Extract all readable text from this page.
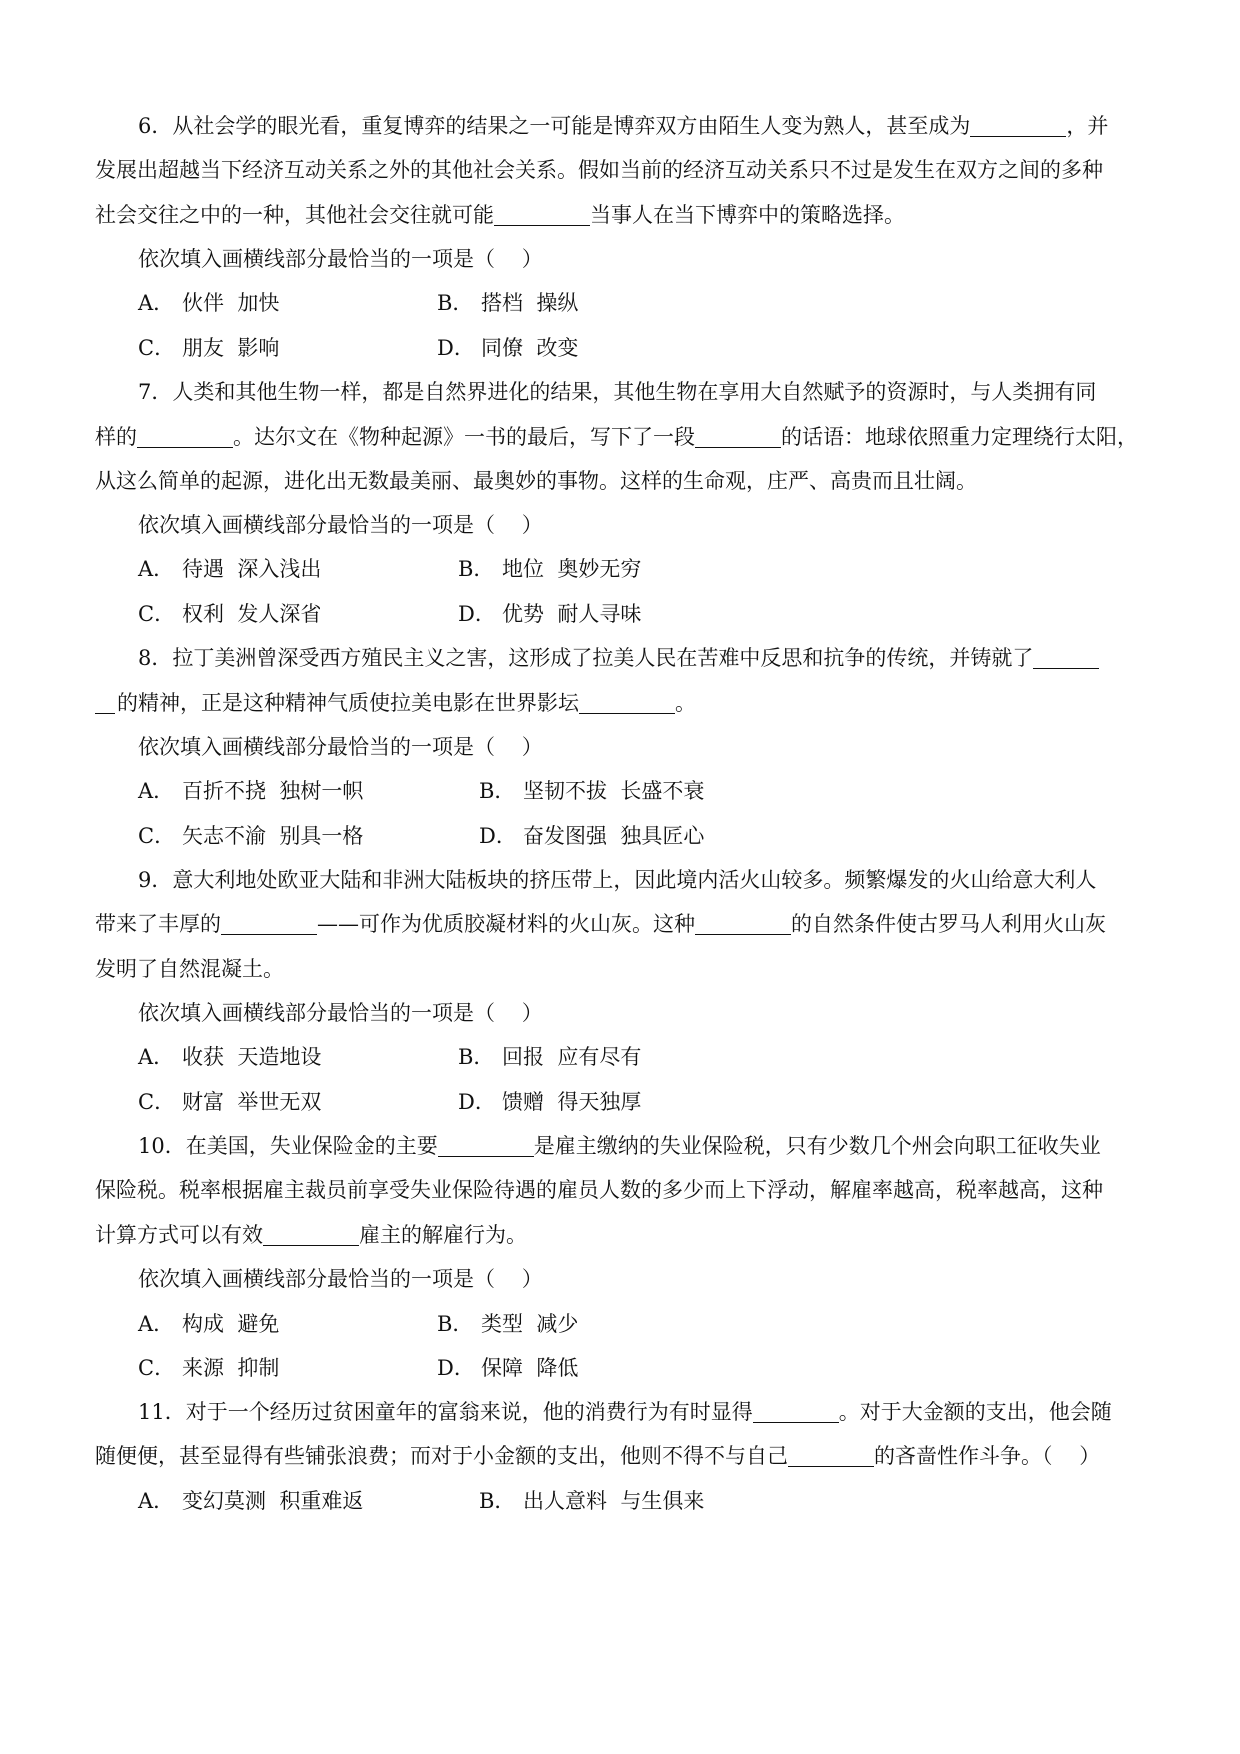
6．从社会学的眼光看，重复博弈的结果之一可能是博弈双方由陌生人变为熟人，甚至成为	，并
发展出超越当下经济互动关系之外的其他社会关系。假如当前的经济互动关系只不过是发生在双方之间的多种
社会交往之中的一种，其他社会交往就可能	当事人在当下博弈中的策略选择。
依次填入画横线部分最恰当的一项是（    ）
A． 伙伴  加快	B． 搭档  操纵
C． 朋友  影响	D． 同僚  改变
7．人类和其他生物一样，都是自然界进化的结果，其他生物在享用大自然赋予的资源时，与人类拥有同
样的	。达尔文在《物种起源》一书的最后，写下了一段	的话语：地球依照重力定理绕行太阳，
从这么简单的起源，进化出无数最美丽、最奥妙的事物。这样的生命观，庄严、高贵而且壮阔。
依次填入画横线部分最恰当的一项是（    ）
A． 待遇  深入浅出	B． 地位  奥妙无穷
C． 权利  发人深省	D． 优势  耐人寻味
8．拉丁美洲曾深受西方殖民主义之害，这形成了拉美人民在苦难中反思和抗争的传统，并铸就了
的精神，正是这种精神气质使拉美电影在世界影坛	。
依次填入画横线部分最恰当的一项是（    ）
A． 百折不挠  独树一帜	B． 坚韧不拔  长盛不衰
C． 矢志不渝  别具一格	D． 奋发图强  独具匠心
9．意大利地处欧亚大陆和非洲大陆板块的挤压带上，因此境内活火山较多。频繁爆发的火山给意大利人
带来了丰厚的	——可作为优质胶凝材料的火山灰。这种	的自然条件使古罗马人利用火山灰
发明了自然混凝土。
依次填入画横线部分最恰当的一项是（    ）
A． 收获  天造地设	B． 回报  应有尽有
C． 财富  举世无双	D． 馈赠  得天独厚
10．在美国，失业保险金的主要	是雇主缴纳的失业保险税，只有少数几个州会向职工征收失业
保险税。税率根据雇主裁员前享受失业保险待遇的雇员人数的多少而上下浮动，解雇率越高，税率越高，这种
计算方式可以有效	雇主的解雇行为。
依次填入画横线部分最恰当的一项是（    ）
A． 构成  避免	B． 类型  减少
C． 来源  抑制	D． 保障  降低
11．对于一个经历过贫困童年的富翁来说，他的消费行为有时显得	。对于大金额的支出，他会随
随便便，甚至显得有些铺张浪费；而对于小金额的支出，他则不得不与自己	的吝啬性作斗争。（    ）
A． 变幻莫测  积重难返	B． 出人意料  与生俱来
